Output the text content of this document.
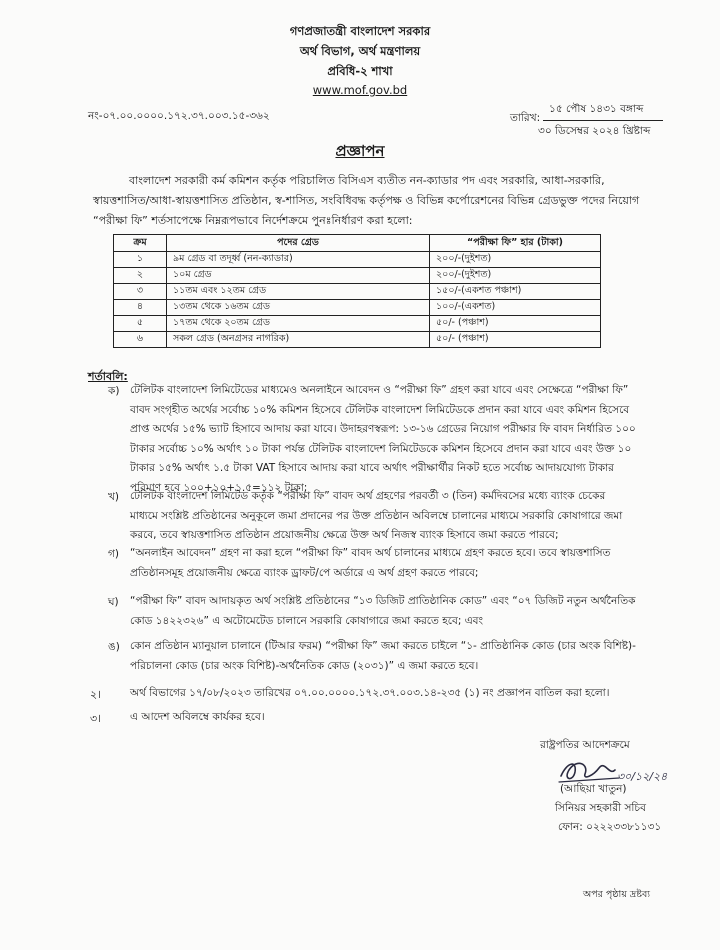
গণপ্রজাতন্ত্রী বাংলাদেশ সরকার
অর্থ বিভাগ, অর্থ মন্ত্রণালয়
প্রবিধি-২ শাখা
www.mof.gov.bd
নং-০৭.০০.০০০০.১৭২.৩৭.০০৩.১৫-৩৬২
১৫ পৌষ ১৪৩১ বঙ্গাব্দ
তারিখ:
৩০ ডিসেম্বর ২০২৪ খ্রিষ্টাব্দ
প্রজ্ঞাপন
বাংলাদেশ সরকারী কর্ম কমিশন কর্তৃক পরিচালিত বিসিএস ব্যতীত নন-ক্যাডার পদ এবং সরকারি, আধা-সরকারি,
স্বায়ত্তশাসিত/আধা-স্বায়ত্তশাসিত প্রতিষ্ঠান, স্ব-শাসিত, সংবিধিবদ্ধ কর্তৃপক্ষ ও বিভিন্ন কর্পোরেশনের বিভিন্ন গ্রেডভুক্ত পদের নিয়োগ
“পরীক্ষা ফি” শর্তসাপেক্ষে নিম্নরূপভাবে নির্দেশক্রমে পুনঃনির্ধারণ করা হলো:
ক্রম	পদের গ্রেড	“পরীক্ষা ফি” হার (টাকা)
১	৯ম গ্রেড বা তদূর্ধ্ব (নন-ক্যাডার)	২০০/-(দুইশত)
২	১০ম গ্রেড	২০০/-(দুইশত)
৩	১১তম এবং ১২তম গ্রেড	১৫০/-(একশত পঞ্চাশ)
৪	১৩তম থেকে ১৬তম গ্রেড	১০০/-(একশত)
৫	১৭তম থেকে ২০তম গ্রেড	৫০/- (পঞ্চাশ)
৬	সকল গ্রেড (অনগ্রসর নাগরিক)	৫০/- (পঞ্চাশ)
শর্তাবলি:
ক) টেলিটক বাংলাদেশ লিমিটেডের মাধ্যমেও অনলাইনে আবেদন ও “পরীক্ষা ফি” গ্রহণ করা যাবে এবং সেক্ষেত্রে “পরীক্ষা ফি”
বাবদ সংগৃহীত অর্থের সর্বোচ্চ ১০% কমিশন হিসেবে টেলিটক বাংলাদেশ লিমিটেডকে প্রদান করা যাবে এবং কমিশন হিসেবে
প্রাপ্ত অর্থের ১৫% ভ্যাট হিসাবে আদায় করা যাবে। উদাহরণস্বরূপ: ১৩-১৬ গ্রেডের নিয়োগ পরীক্ষার ফি বাবদ নির্ধারিত ১০০
টাকার সর্বোচ্চ ১০% অর্থাৎ ১০ টাকা পর্যন্ত টেলিটক বাংলাদেশ লিমিটেডকে কমিশন হিসেবে প্রদান করা যাবে এবং উক্ত ১০
টাকার ১৫% অর্থাৎ ১.৫ টাকা VAT হিসাবে আদায় করা যাবে অর্থাৎ পরীক্ষার্থীর নিকট হতে সর্বোচ্চ আদায়যোগ্য টাকার
পরিমাণ হবে ১০০+১০+১.৫=১১২ টাকা;
খ) টেলিটক বাংলাদেশ লিমিটেড কর্তৃক “পরীক্ষা ফি” বাবদ অর্থ গ্রহণের পরবর্তী ৩ (তিন) কর্মদিবসের মধ্যে ব্যাংক চেকের
মাধ্যমে সংশ্লিষ্ট প্রতিষ্ঠানের অনুকূলে জমা প্রদানের পর উক্ত প্রতিষ্ঠান অবিলম্বে চালানের মাধ্যমে সরকারি কোষাগারে জমা
করবে, তবে স্বায়ত্তশাসিত প্রতিষ্ঠান প্রয়োজনীয় ক্ষেত্রে উক্ত অর্থ নিজস্ব ব্যাংক হিসাবে জমা করতে পারবে;
গ) “অনলাইন আবেদন” গ্রহণ না করা হলে “পরীক্ষা ফি” বাবদ অর্থ চালানের মাধ্যমে গ্রহণ করতে হবে। তবে স্বায়ত্তশাসিত
প্রতিষ্ঠানসমূহ প্রয়োজনীয় ক্ষেত্রে ব্যাংক ড্রাফট/পে অর্ডারে এ অর্থ গ্রহণ করতে পারবে;
ঘ) “পরীক্ষা ফি” বাবদ আদায়কৃত অর্থ সংশ্লিষ্ট প্রতিষ্ঠানের “১৩ ডিজিট প্রাতিষ্ঠানিক কোড” এবং “০৭ ডিজিট নতুন অর্থনৈতিক
কোড ১৪২২৩২৬” এ অটোমেটেড চালানে সরকারি কোষাগারে জমা করতে হবে; এবং
ঙ) কোন প্রতিষ্ঠান ম্যানুয়াল চালানে (টিআর ফরম) “পরীক্ষা ফি” জমা করতে চাইলে “১- প্রাতিষ্ঠানিক কোড (চার অংক বিশিষ্ট)-
পরিচালনা কোড (চার অংক বিশিষ্ট)-অর্থনৈতিক কোড (২০৩১)” এ জমা করতে হবে।
২।	অর্থ বিভাগের ১৭/০৮/২০২৩ তারিখের ০৭.০০.০০০০.১৭২.৩৭.০০৩.১৪-২৩৫ (১) নং প্রজ্ঞাপন বাতিল করা হলো।
৩।	এ আদেশ অবিলম্বে কার্যকর হবে।
রাষ্ট্রপতির আদেশক্রমে
৩০/১২/২৪
(আছিয়া খাতুন)
সিনিয়র সহকারী সচিব
ফোন: ০২২২৩৩৮১১৩১
অপর পৃষ্ঠায় দ্রষ্টব্য
